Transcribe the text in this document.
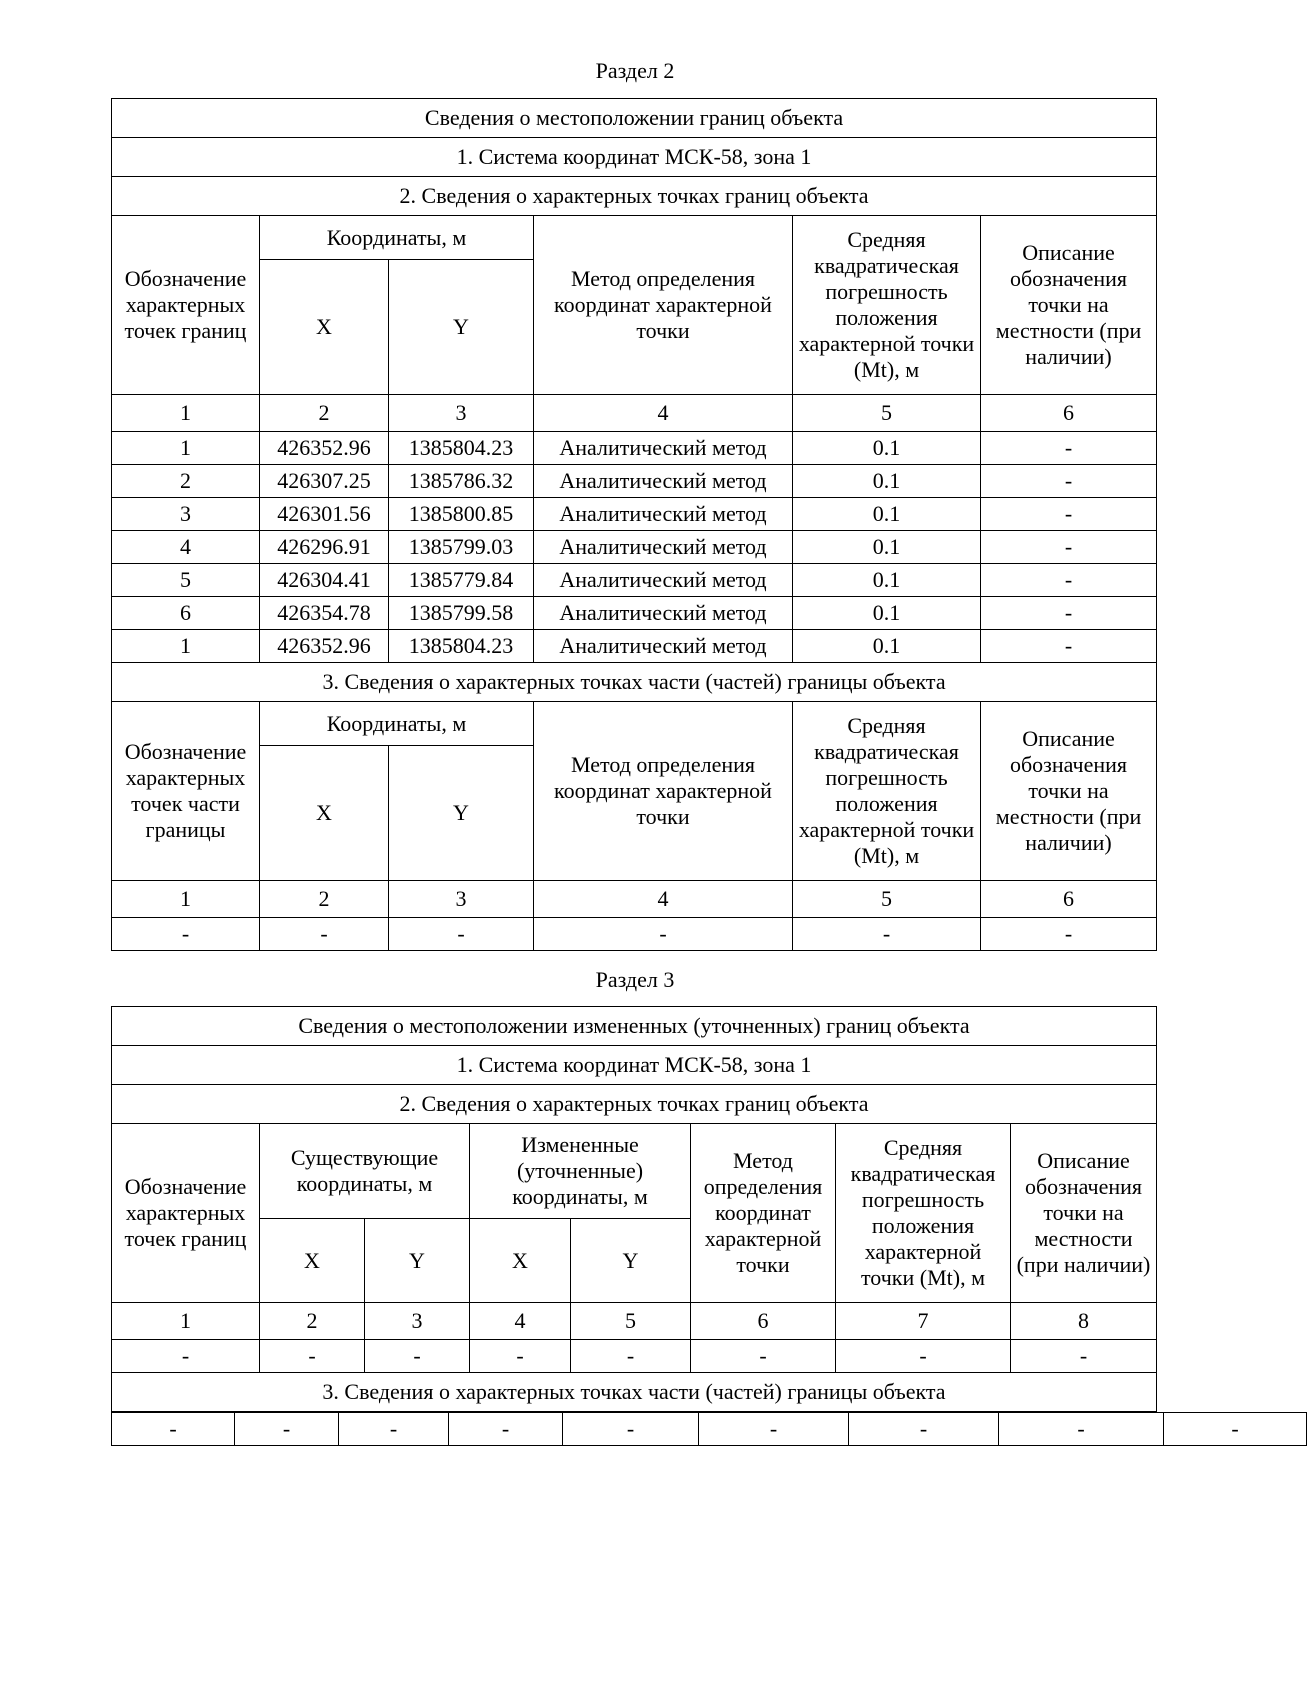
Раздел 2
Сведения о местоположении границ объекта					
1. Система координат МСК-58, зона 1					
2. Сведения о характерных точках границ объекта					
Обозначение характерных точек границ	Координаты, м		Метод определения координат характерной точки	Средняя квадратическая погрешность положения характерной точки (Mt), м	Описание обозначения точки на местности (при наличии)
	X	Y			
1	2	3	4	5	6
1	426352.96	1385804.23	Аналитический метод	0.1	-
2	426307.25	1385786.32	Аналитический метод	0.1	-
3	426301.56	1385800.85	Аналитический метод	0.1	-
4	426296.91	1385799.03	Аналитический метод	0.1	-
5	426304.41	1385779.84	Аналитический метод	0.1	-
6	426354.78	1385799.58	Аналитический метод	0.1	-
1	426352.96	1385804.23	Аналитический метод	0.1	-
3. Сведения о характерных точках части (частей) границы объекта					
Обозначение характерных точек части границы	Координаты, м		Метод определения координат характерной точки	Средняя квадратическая погрешность положения характерной точки (Mt), м	Описание обозначения точки на местности (при наличии)
	X	Y			
1	2	3	4	5	6
-	-	-	-	-	-
Раздел 3
Сведения о местоположении измененных (уточненных) границ объекта							
1. Система координат МСК-58, зона 1							
2. Сведения о характерных точках границ объекта							
Обозначение характерных точек границ	Существующие координаты, м		Измененные (уточненные) координаты, м		Метод определения координат характерной точки	Средняя квадратическая погрешность положения характерной точки (Mt), м	Описание обозначения точки на местности (при наличии)
	X	Y	X	Y			
1	2	3	4	5	6	7	8
-	-	-	-	-	-	-	-
3. Сведения о характерных точках части (частей) границы объекта							
-	-	-	-	-	-	-	-	-
